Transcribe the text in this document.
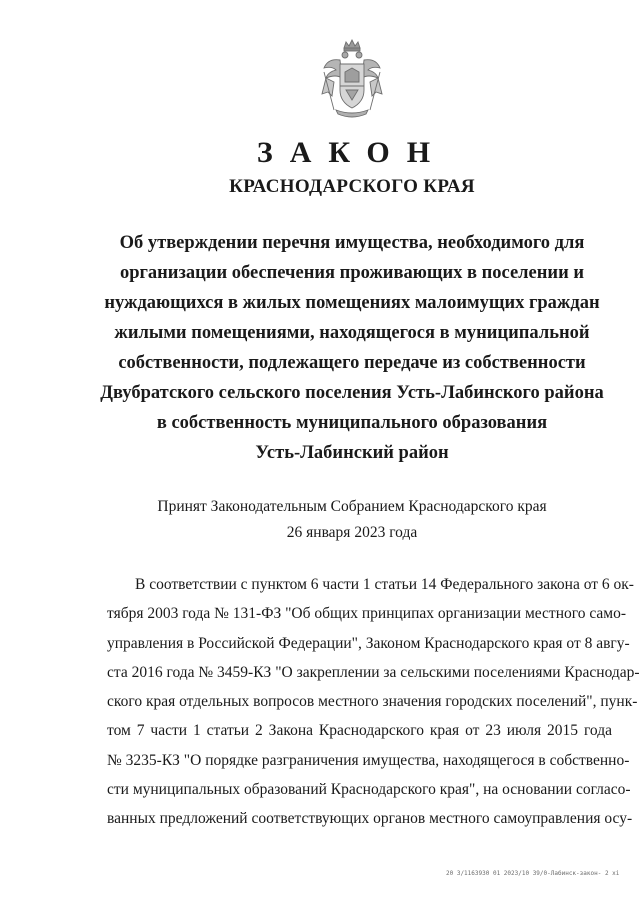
ЗАКОН
КРАСНОДАРСКОГО КРАЯ
Об утверждении перечня имущества, необходимого для
организации обеспечения проживающих в поселении и
нуждающихся в жилых помещениях малоимущих граждан
жилыми помещениями, находящегося в муниципальной
собственности, подлежащего передаче из собственности
Двубратского сельского поселения Усть-Лабинского района
в собственность муниципального образования
Усть-Лабинский район
Принят Законодательным Собранием Краснодарского края
26 января 2023 года
В соответствии с пунктом 6 части 1 статьи 14 Федерального закона от 6 ок-
тября 2003 года № 131-ФЗ "Об общих принципах организации местного само-
управления в Российской Федерации", Законом Краснодарского края от 8 авгу-
ста 2016 года № 3459-КЗ "О закреплении за сельскими поселениями Краснодар-
ского края отдельных вопросов местного значения городских поселений", пунк-
том 7 части 1 статьи 2 Закона Краснодарского края от 23 июля 2015 года
№ 3235-КЗ "О порядке разграничения имущества, находящегося в собственно-
сти муниципальных образований Краснодарского края", на основании согласо-
ванных предложений соответствующих органов местного самоуправления осу-
20 3/1163930 01 2023/10 39/0-Лабинск-закон- 2 xi
